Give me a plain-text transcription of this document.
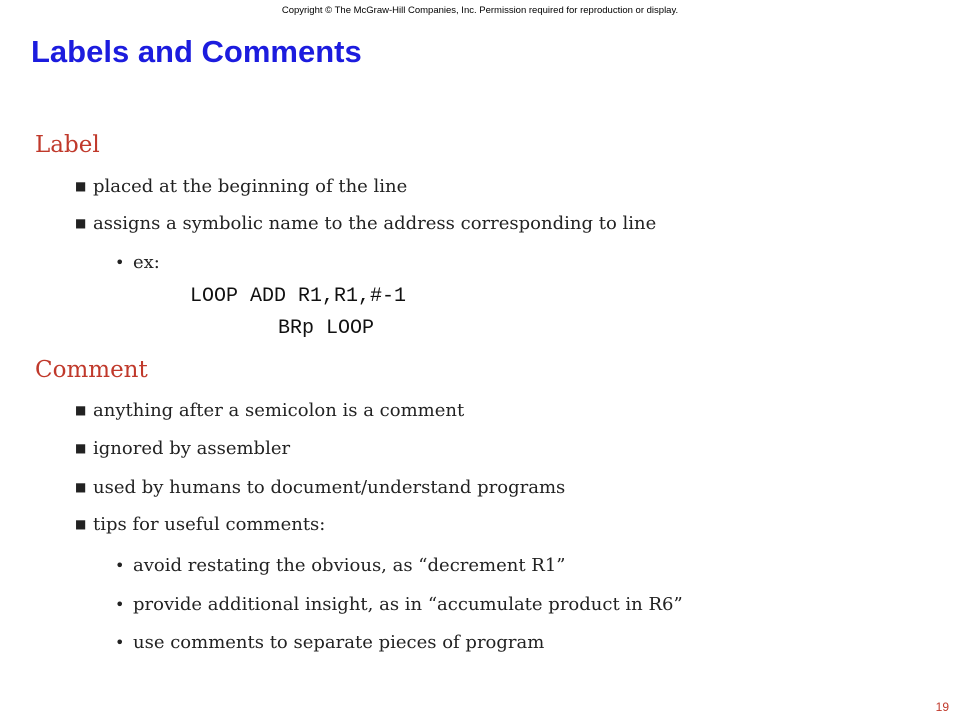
Copyright © The McGraw-Hill Companies, Inc. Permission required for reproduction or display.
Labels and Comments
Label
■ placed at the beginning of the line
■ assigns a symbolic name to the address corresponding to line
• ex:
LOOP ADD R1,R1,#-1
BRp LOOP
Comment
■ anything after a semicolon is a comment
■ ignored by assembler
■ used by humans to document/understand programs
■ tips for useful comments:
• avoid restating the obvious, as “decrement R1”
• provide additional insight, as in “accumulate product in R6”
• use comments to separate pieces of program
19
